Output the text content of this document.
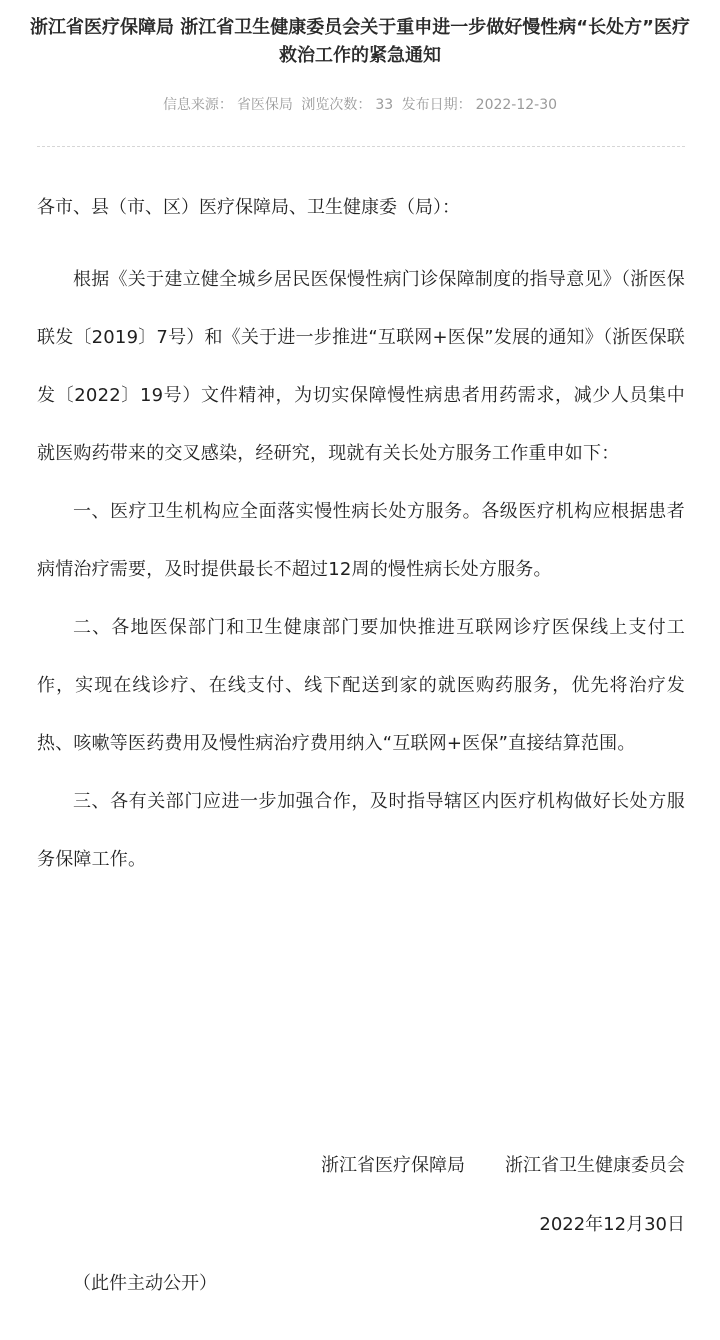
浙江省医疗保障局 浙江省卫生健康委员会关于重申进一步做好慢性病“长处方”医疗救治工作的紧急通知
信息来源： 省医保局 浏览次数： 33 发布日期： 2022-12-30
各市、县（市、区）医疗保障局、卫生健康委（局）：

根据《关于建立健全城乡居民医保慢性病门诊保障制度的指导意见》（浙医保联发〔2019〕7号）和《关于进一步推进“互联网+医保”发展的通知》（浙医保联发〔2022〕19号）文件精神，为切实保障慢性病患者用药需求，减少人员集中就医购药带来的交叉感染，经研究，现就有关长处方服务工作重申如下：

一、医疗卫生机构应全面落实慢性病长处方服务。各级医疗机构应根据患者病情治疗需要，及时提供最长不超过12周的慢性病长处方服务。

二、各地医保部门和卫生健康部门要加快推进互联网诊疗医保线上支付工作，实现在线诊疗、在线支付、线下配送到家的就医购药服务，优先将治疗发热、咳嗽等医药费用及慢性病治疗费用纳入“互联网+医保”直接结算范围。

三、各有关部门应进一步加强合作，及时指导辖区内医疗机构做好长处方服务保障工作。

浙江省医疗保障局 浙江省卫生健康委员会
2022年12月30日
（此件主动公开）
